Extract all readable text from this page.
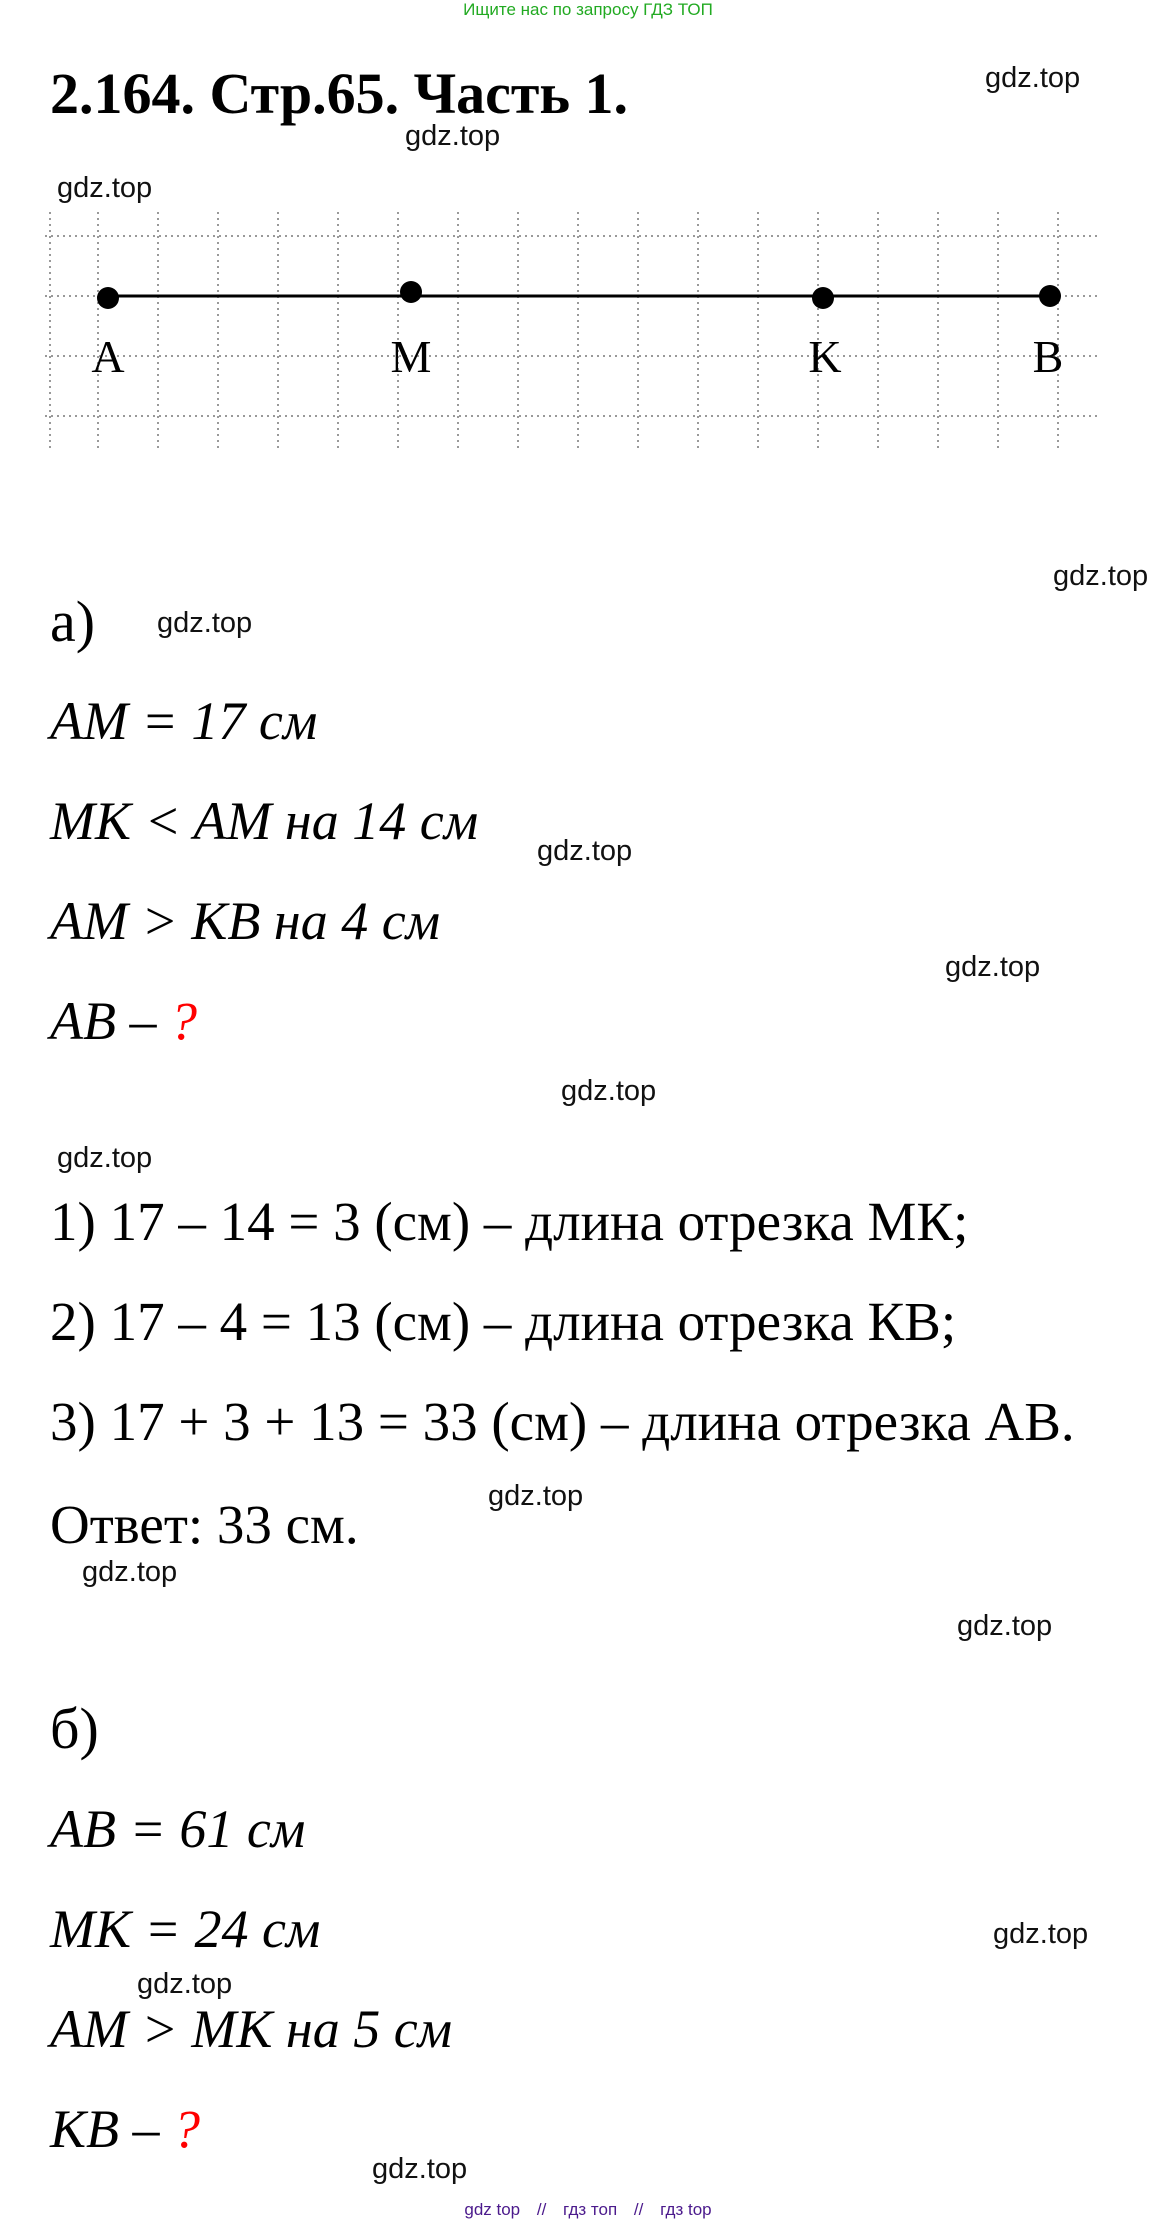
Ищите нас по запросу ГДЗ ТОП
2.164. Стр.65. Часть 1.	gdz.top
gdz.top
gdz.top
gdz.top
gdz.top
gdz.top
gdz.top
gdz.top
gdz.top
gdz.top
gdz.top
gdz.top
gdz.top
gdz.top
gdz.top
A	M	K	B
а)
AM = 17 см
MK < AM на 14 см
AM > KB на 4 см
AB – ?
1) 17 – 14 = 3 (см) – длина отрезка МК;
2) 17 – 4 = 13 (см) – длина отрезка КВ;
3) 17 + 3 + 13 = 33 (см) – длина отрезка АВ.
Ответ: 33 см.
б)
AB = 61 см
MK = 24 см
AM > MK на 5 см
KB – ?
gdz top // гдз топ // гдз top
